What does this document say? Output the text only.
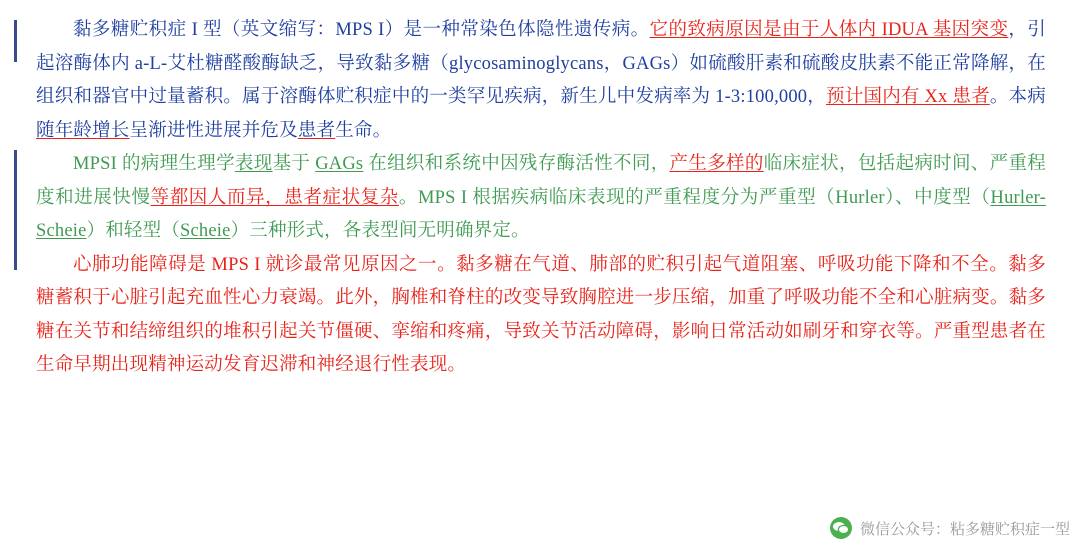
黏多糖贮积症 I 型（英文缩写：MPS I）是一种常染色体隐性遗传病。它的致病原因是由于人体内 IDUA 基因突变，引起溶酶体内 a-L-艾杜糖醛酸酶缺乏，导致黏多糖（glycosaminoglycans，GAGs）如硫酸肝素和硫酸皮肤素不能正常降解，在组织和器官中过量蓄积。属于溶酶体贮积症中的一类罕见疾病，新生儿中发病率为 1-3:100,000，预计国内有 Xx 患者。本病随年龄增长呈渐进性进展并危及患者生命。

MPSI 的病理生理学表现基于 GAGs 在组织和系统中因残存酶活性不同，产生多样的临床症状，包括起病时间、严重程度和进展快慢等都因人而异，患者症状复杂。MPS I 根据疾病临床表现的严重程度分为严重型（Hurler）、中度型（Hurler-Scheie）和轻型（Scheie）三种形式，各表型间无明确界定。

心肺功能障碍是 MPS I 就诊最常见原因之一。黏多糖在气道、肺部的贮积引起气道阻塞、呼吸功能下降和不全。黏多糖蓄积于心脏引起充血性心力衰竭。此外，胸椎和脊柱的改变导致胸腔进一步压缩，加重了呼吸功能不全和心脏病变。黏多糖在关节和结缔组织的堆积引起关节僵硬、挛缩和疼痛，导致关节活动障碍，影响日常活动如刷牙和穿衣等。严重型患者在生命早期出现精神运动发育迟滞和神经退行性表现。

微信公众号：粘多糖贮积症一型
